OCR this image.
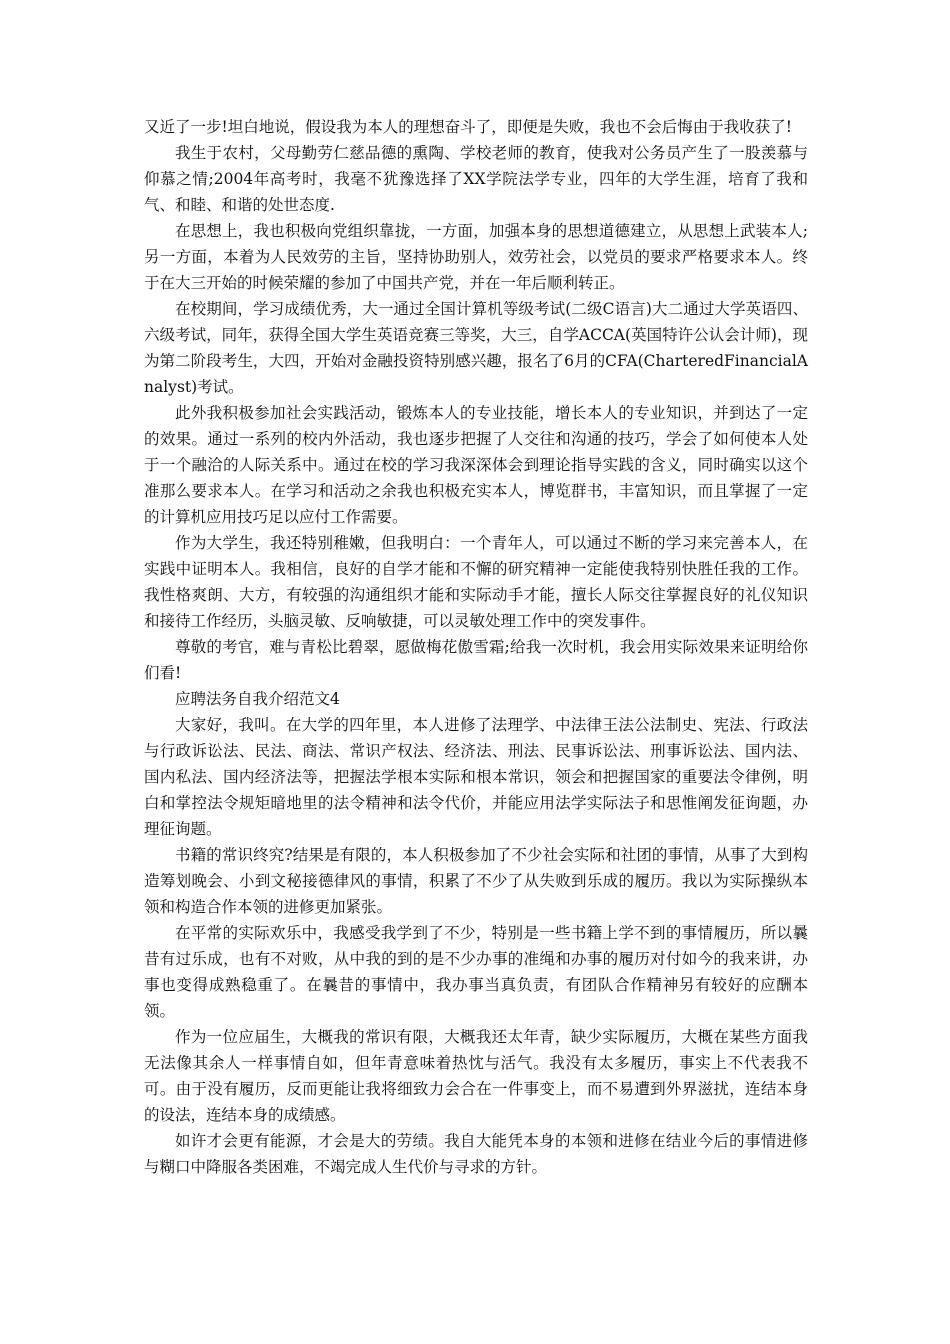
又近了一步!坦白地说，假设我为本人的理想奋斗了，即便是失败，我也不会后悔由于我收获了!

我生于农村，父母勤劳仁慈品德的熏陶、学校老师的教育，使我对公务员产生了一股羡慕与仰慕之情;2004年高考时，我毫不犹豫选择了XX学院法学专业，四年的大学生涯，培育了我和气、和睦、和谐的处世态度.

在思想上，我也积极向党组织靠拢，一方面，加强本身的思想道德建立，从思想上武装本人;另一方面，本着为人民效劳的主旨，坚持协助别人，效劳社会，以党员的要求严格要求本人。终于在大三开始的时候荣耀的参加了中国共产党，并在一年后顺利转正。

在校期间，学习成绩优秀，大一通过全国计算机等级考试(二级C语言)大二通过大学英语四、六级考试，同年，获得全国大学生英语竞赛三等奖，大三，自学ACCA(英国特许公认会计师)，现为第二阶段考生，大四，开始对金融投资特别感兴趣，报名了6月的CFA(CharteredFinancialAnalyst)考试。

此外我积极参加社会实践活动，锻炼本人的专业技能，增长本人的专业知识，并到达了一定的效果。通过一系列的校内外活动，我也逐步把握了人交往和沟通的技巧，学会了如何使本人处于一个融洽的人际关系中。通过在校的学习我深深体会到理论指导实践的含义，同时确实以这个准那么要求本人。在学习和活动之余我也积极充实本人，博览群书，丰富知识，而且掌握了一定的计算机应用技巧足以应付工作需要。

作为大学生，我还特别稚嫩，但我明白：一个青年人，可以通过不断的学习来完善本人，在实践中证明本人。我相信，良好的自学才能和不懈的研究精神一定能使我特别快胜任我的工作。我性格爽朗、大方，有较强的沟通组织才能和实际动手才能，擅长人际交往掌握良好的礼仪知识和接待工作经历，头脑灵敏、反响敏捷，可以灵敏处理工作中的突发事件。

尊敬的考官，难与青松比碧翠，愿做梅花傲雪霜;给我一次时机，我会用实际效果来证明给你们看!

应聘法务自我介绍范文4

大家好，我叫。在大学的四年里，本人进修了法理学、中法律王法公法制史、宪法、行政法与行政诉讼法、民法、商法、常识产权法、经济法、刑法、民事诉讼法、刑事诉讼法、国内法、国内私法、国内经济法等，把握法学根本实际和根本常识，领会和把握国家的重要法令律例，明白和掌控法令规矩暗地里的法令精神和法令代价，并能应用法学实际法子和思惟阐发征询题，办理征询题。

书籍的常识终究?结果是有限的，本人积极参加了不少社会实际和社团的事情，从事了大到构造筹划晚会、小到文秘接德律风的事情，积累了不少了从失败到乐成的履历。我以为实际操纵本领和构造合作本领的进修更加紧张。

在平常的实际欢乐中，我感受我学到了不少，特别是一些书籍上学不到的事情履历，所以曩昔有过乐成，也有不对败，从中我的到的是不少办事的准绳和办事的履历对付如今的我来讲，办事也变得成熟稳重了。在曩昔的事情中，我办事当真负责，有团队合作精神另有较好的应酬本领。

作为一位应届生，大概我的常识有限，大概我还太年青，缺少实际履历，大概在某些方面我无法像其余人一样事情自如，但年青意味着热忱与活气。我没有太多履历，事实上不代表我不可。由于没有履历，反而更能让我将细致力会合在一件事变上，而不易遭到外界滋扰，连结本身的设法，连结本身的成绩感。

如许才会更有能源，才会是大的劳绩。我自大能凭本身的本领和进修在结业今后的事情进修与糊口中降服各类困难，不竭完成人生代价与寻求的方针。
